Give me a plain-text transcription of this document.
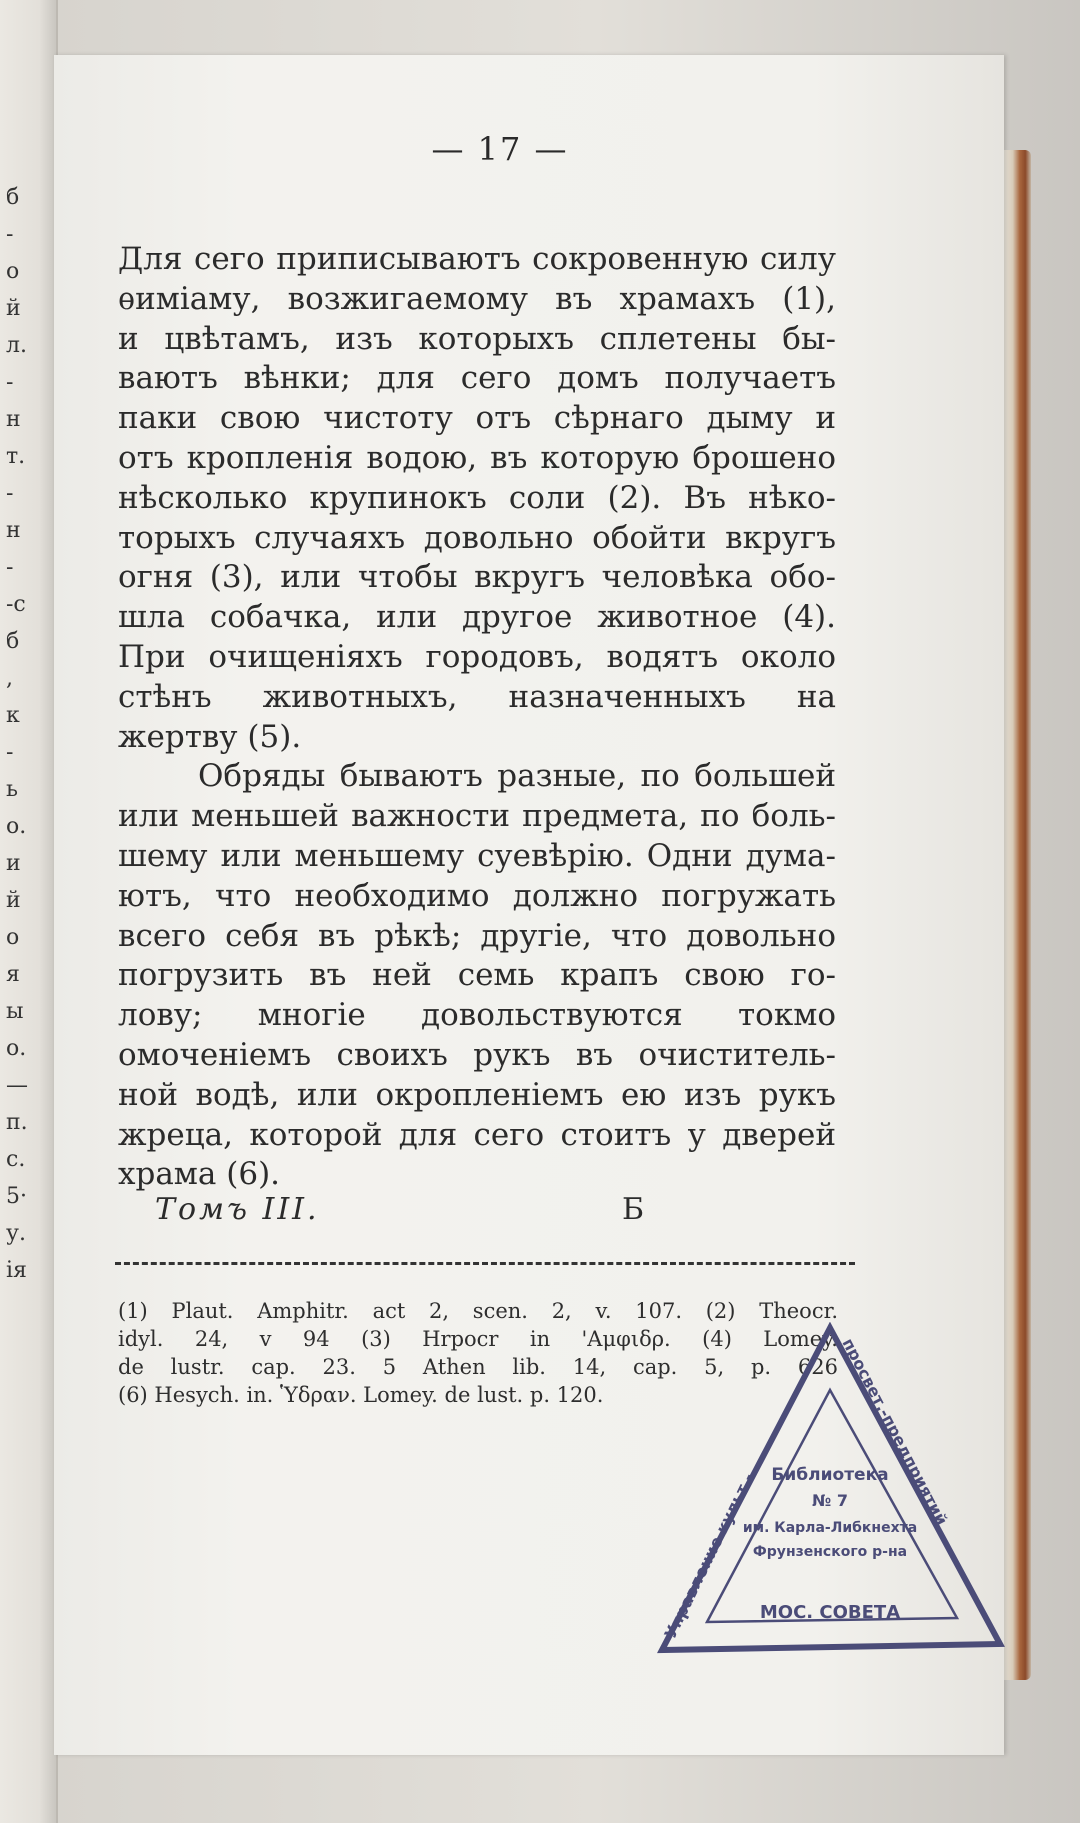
б
-
о
й
л.
-
н
т.
-
н
-
-с
б
,
к
-
ь
о.
и
й
о
я
ы
о.
—
п.
с.
5·
у.
ія
— 17 —
Для сего приписываютъ сокровенную силу
ѳиміаму, возжигаемому въ храмахъ (1),
и цвѣтамъ, изъ которыхъ сплетены бы-
ваютъ вѣнки; для сего домъ получаетъ
паки свою чистоту отъ сѣрнаго дыму и
отъ кропленія водою, въ которую брошено
нѣсколько крупинокъ соли (2). Въ нѣко-
торыхъ случаяхъ довольно обойти вкругъ
огня (3), или чтобы вкругъ человѣка обо-
шла собачка, или другое животное (4).
При очищеніяхъ городовъ, водятъ около
стѣнъ животныхъ, назначенныхъ на
жертву (5).
Обряды бываютъ разные, по большей
или меньшей важности предмета, по боль-
шему или меньшему суевѣрію. Одни дума-
ютъ, что необходимо должно погружать
всего себя въ рѣкѣ; другіе, что довольно
погрузить въ ней семь крапъ свою го-
лову; многіе довольствуются токмо
омоченіемъ своихъ рукъ въ очиститель-
ной водѣ, или окропленіемъ ею изъ рукъ
жреца, которой для сего стоитъ у дверей
храма (6).
Томъ III.	Б
(1) Plaut. Amphitr. act 2, scen. 2, v. 107. (2) Theocr.
idyl. 24, v 94 (3) Hrpocr in 'Αμφιδρ. (4) Lomey.
de lustr. cap. 23. 5 Athen lib. 14, cap. 5, p. 626
(6) Hesych. in. Ὑδραν. Lomey. de lust. p. 120.
Управление культ.-
просвет.-предприятий
Библиотека
№ 7
им. Карла-Либкнехта
Фрунзенского р-на
МОС. СОВЕТА
